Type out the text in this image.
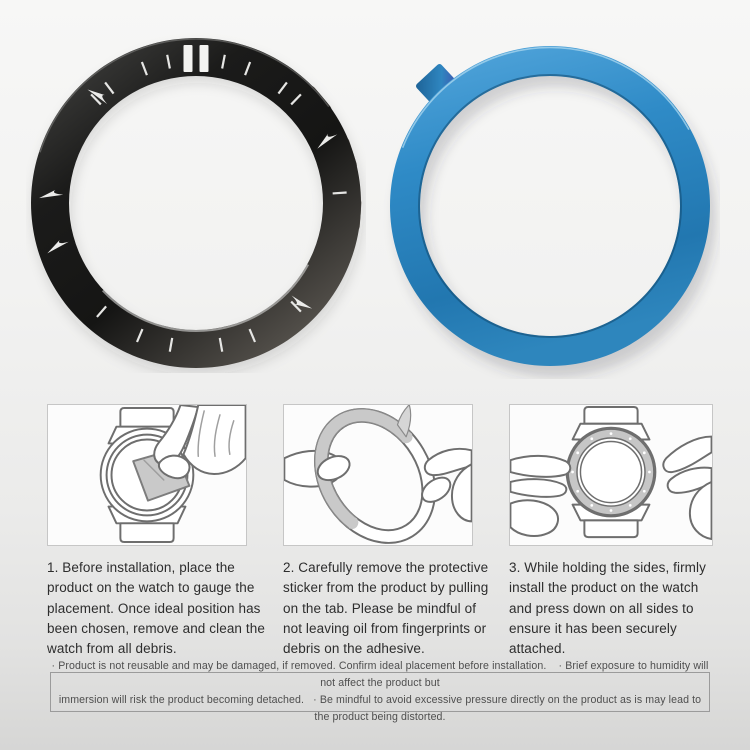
1. Before installation, place the product on the watch to gauge the placement. Once ideal position has been chosen, remove and clean the watch from all debris.
2. Carefully remove the protective sticker from the product by pulling on the tab. Please be mindful of not leaving oil from fingerprints or debris on the adhesive.
3. While holding the sides, firmly install the product on the watch and press down on all sides to ensure it has been securely attached.
· Product is not reusable and may be damaged, if removed. Confirm ideal placement before installation.    · Brief exposure to humidity will not affect the product but
immersion will risk the product becoming detached.   · Be mindful to avoid excessive pressure directly on the product as is may lead to the product being distorted.
